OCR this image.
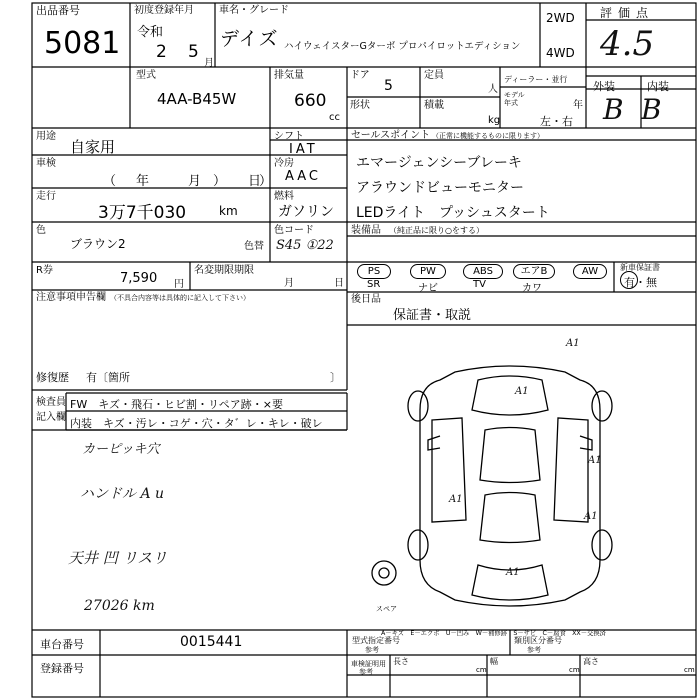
出品番号
5081
初度登録年月
令和
2 5
月
車名・グレード
デイズ ハイウェイスターGターボ プロパイロットエディション
2WD
4WD
評価点
4.5
型式
4AA-B45W
排気量
660
cc
ドア
5
定員
人
形状	積載
kg
ディーラー・並行
モデル年式	年
左・右
外装	内装
B B
用途
自家用
車検
（ 年	月 ） 日
）
走行
3万7千030	km
色
ブラウン2	色替
シフト
IAT
冷房
AAC
燃料
ガソリン
色コード
S45 ①22
R券
7,590 円
名変期限期限
月	日
注意事項申告欄 （不具合内容等は具体的に記入して下さい）
修復歴 有〔箇所	〕
セールスポイント （正常に機能するものに限ります）
エマージェンシーブレーキ
アラウンドビューモニター
LEDライト　プッシュスタート
装備品 （純正品に限り○をする）
PS	PW	ABS	エアB	AW
SR	ナビ	TV	カワ
新車保証書
有・無
後日品
保証書・取説
検査員
記入欄
FW　キズ・飛石・ヒビ割・リペア跡・×要
内装　キズ・汚レ・コゲ・穴・タ゛レ・キレ・破レ
カーピッキ穴
ハンドル A u
天井 凹 リスリ
27026 km
A1
A1
A1
A1
A1
A1
スペア
A－キズ　E－エクボ　U－凹み　W－補修跡　S－サビ　C－腐食　XX－交換済
車台番号	0015441
登録番号
型式指定番号
参考
類別区分番号
参考
車検証明用
参考
長さ
cm
幅
cm
高さ
cm
